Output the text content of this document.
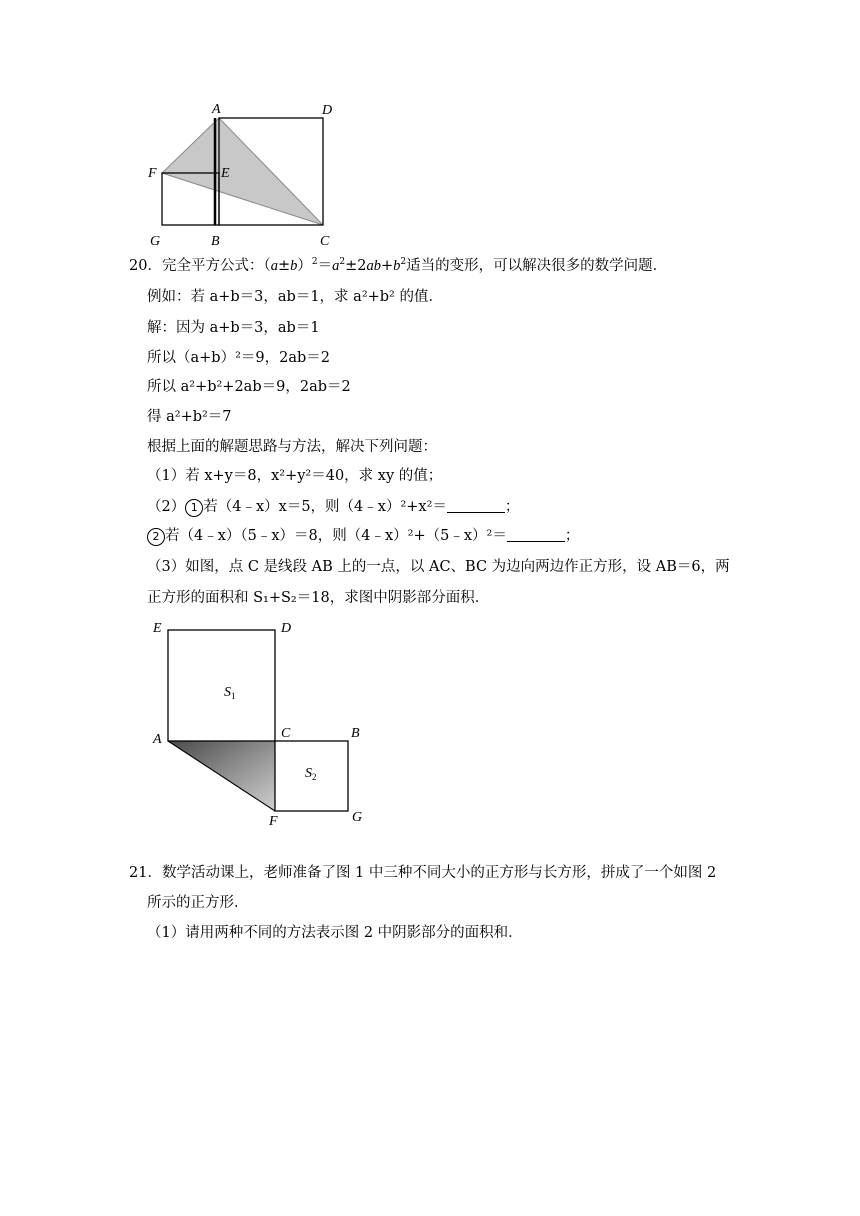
A	D
F	E
G	B	C
20．完全平方公式：$(a\pm b)^2=a^2\pm 2ab+b^2$适当的变形，可以解决很多的数学问题．
例如：若 a+b＝3，ab＝1，求 a²+b² 的值．
解：因为 a+b＝3，ab＝1
所以（a+b）²＝9，2ab＝2
所以 a²+b²+2ab＝9，2ab＝2
得 a²+b²＝7
根据上面的解题思路与方法，解决下列问题：
（1）若 x+y＝8，x²+y²＝40，求 xy 的值；
（2） 1 若（4﹣x）x＝5，则（4﹣x）²+x²＝	；
2 若（4﹣x）（5﹣x）＝8，则（4﹣x）²+（5﹣x）²＝	；
（3）如图，点 C 是线段 AB 上的一点，以 AC、BC 为边向两边作正方形，设 AB＝6，两
正方形的面积和 S₁+S₂＝18，求图中阴影部分面积．
E	D
$S_1$
A	C	B
$S_2$
F	G
21．数学活动课上，老师准备了图 1 中三种不同大小的正方形与长方形，拼成了一个如图 2
所示的正方形．
（1）请用两种不同的方法表示图 2 中阴影部分的面积和．
